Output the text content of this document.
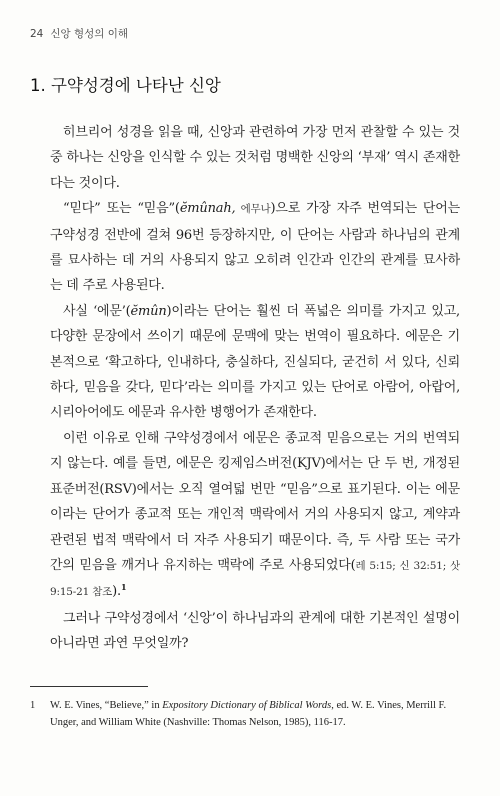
24 신앙 형성의 이해
1. 구약성경에 나타난 신앙

히브리어 성경을 읽을 때, 신앙과 관련하여 가장 먼저 관찰할 수 있는 것 중 하나는 신앙을 인식할 수 있는 것처럼 명백한 신앙의 ‘부재’ 역시 존재한다는 것이다.

“믿다” 또는 “믿음”(ĕmûnah, 에무나)으로 가장 자주 번역되는 단어는 구약성경 전반에 걸쳐 96번 등장하지만, 이 단어는 사람과 하나님의 관계를 묘사하는 데 거의 사용되지 않고 오히려 인간과 인간의 관계를 묘사하는 데 주로 사용된다.

사실 ‘에문’(ĕmûn)이라는 단어는 훨씬 더 폭넓은 의미를 가지고 있고, 다양한 문장에서 쓰이기 때문에 문맥에 맞는 번역이 필요하다. 에문은 기본적으로 ‘확고하다, 인내하다, 충실하다, 진실되다, 굳건히 서 있다, 신뢰하다, 믿음을 갖다, 믿다’라는 의미를 가지고 있는 단어로 아람어, 아랍어, 시리아어에도 에문과 유사한 병행어가 존재한다.

이런 이유로 인해 구약성경에서 에문은 종교적 믿음으로는 거의 번역되지 않는다. 예를 들면, 에문은 킹제임스버전(KJV)에서는 단 두 번, 개정된 표준버전(RSV)에서는 오직 열여덟 번만 “믿음”으로 표기된다. 이는 에문이라는 단어가 종교적 또는 개인적 맥락에서 거의 사용되지 않고, 계약과 관련된 법적 맥락에서 더 자주 사용되기 때문이다. 즉, 두 사람 또는 국가 간의 믿음을 깨거나 유지하는 맥락에 주로 사용되었다(레 5:15; 신 32:51; 삿 9:15-21 참조).$^1$

그러나 구약성경에서 ‘신앙’이 하나님과의 관계에 대한 기본적인 설명이 아니라면 과연 무엇일까?

1 W. E. Vines, “Believe,” in Expository Dictionary of Biblical Words, ed. W. E. Vines, Merrill F. Unger, and William White (Nashville: Thomas Nelson, 1985), 116-17.
